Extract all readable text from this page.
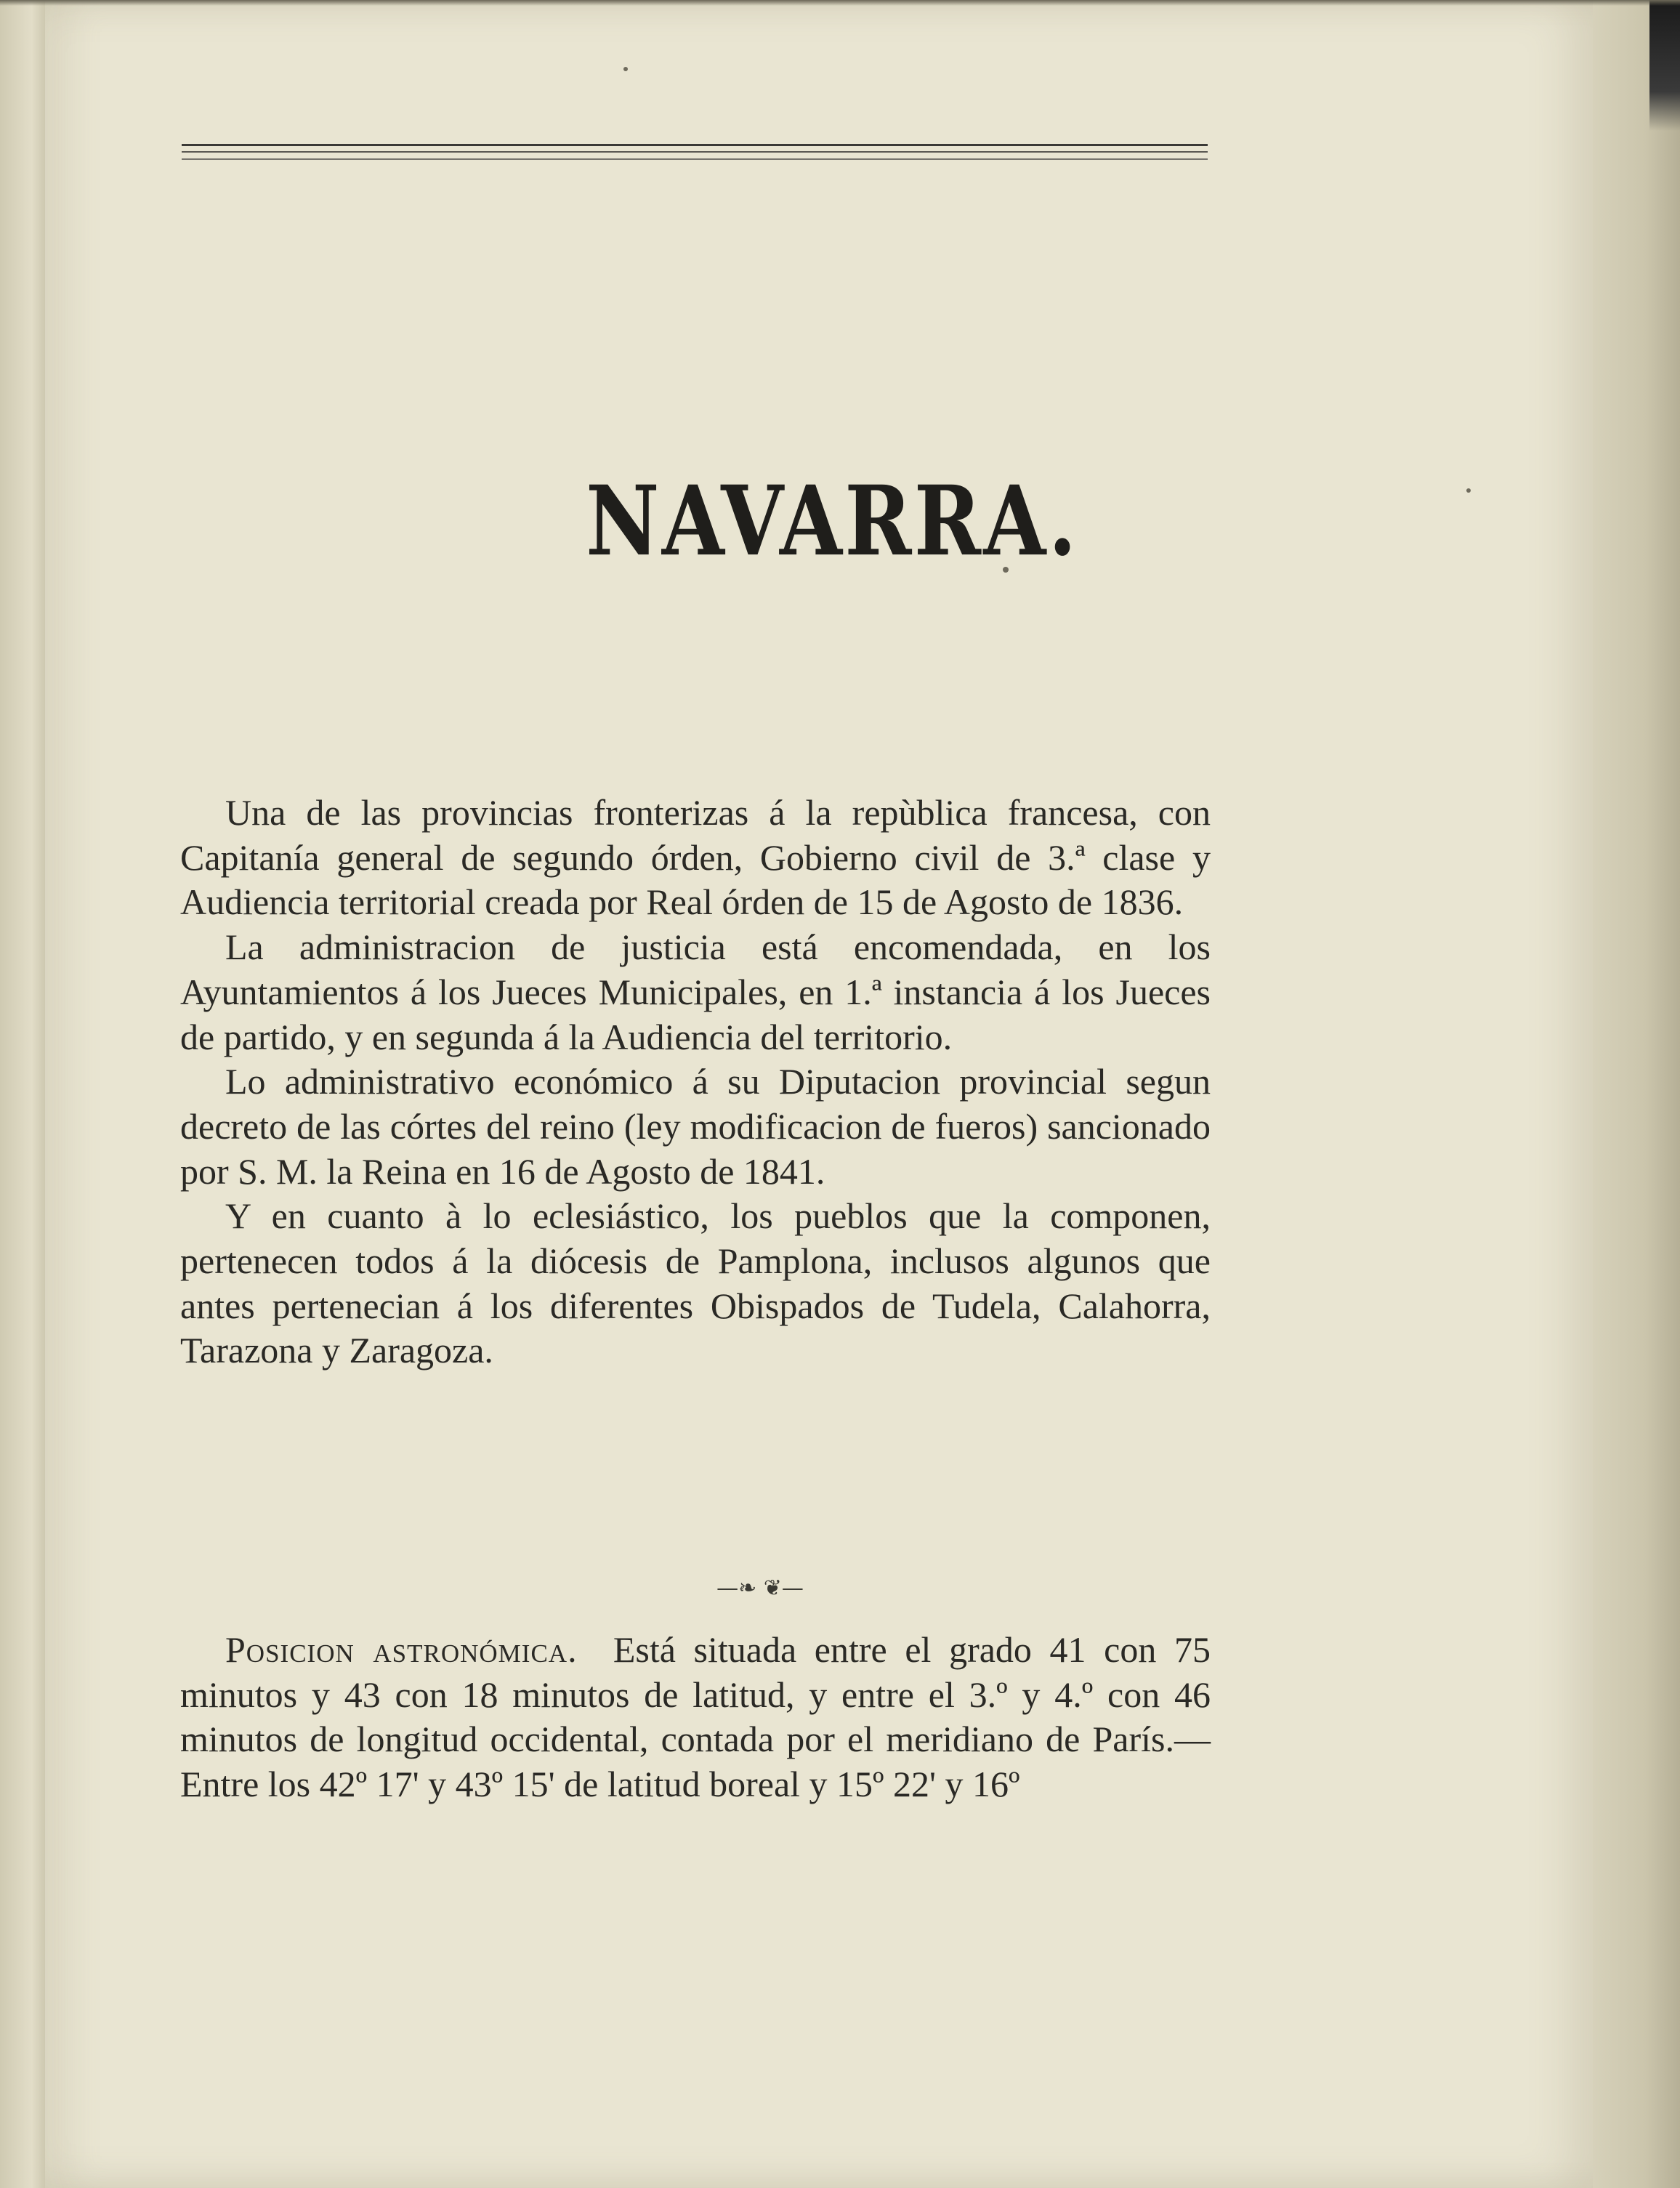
NAVARRA.

Una de las provincias fronterizas á la repùblica francesa, con Capitanía general de segundo órden, Gobierno civil de 3.ª clase y Audiencia territorial creada por Real órden de 15 de Agosto de 1836.

La administracion de justicia está encomendada, en los Ayuntamientos á los Jueces Municipales, en 1.ª instancia á los Jueces de partido, y en segunda á la Audiencia del territorio.

Lo administrativo económico á su Diputacion provincial segun decreto de las córtes del reino (ley modificacion de fueros) sancionado por S. M. la Reina en 16 de Agosto de 1841.

Y en cuanto à lo eclesiástico, los pueblos que la componen, pertenecen todos á la diócesis de Pamplona, inclusos algunos que antes pertenecian á los diferentes Obispados de Tudela, Calahorra, Tarazona y Zaragoza.

—❧ ❦—

Posicion astronómica. Está situada entre el grado 41 con 75 minutos y 43 con 18 minutos de latitud, y entre el 3.º y 4.º con 46 minutos de longitud occidental, contada por el meridiano de París.—Entre los 42º 17' y 43º 15' de latitud boreal y 15º 22' y 16º
